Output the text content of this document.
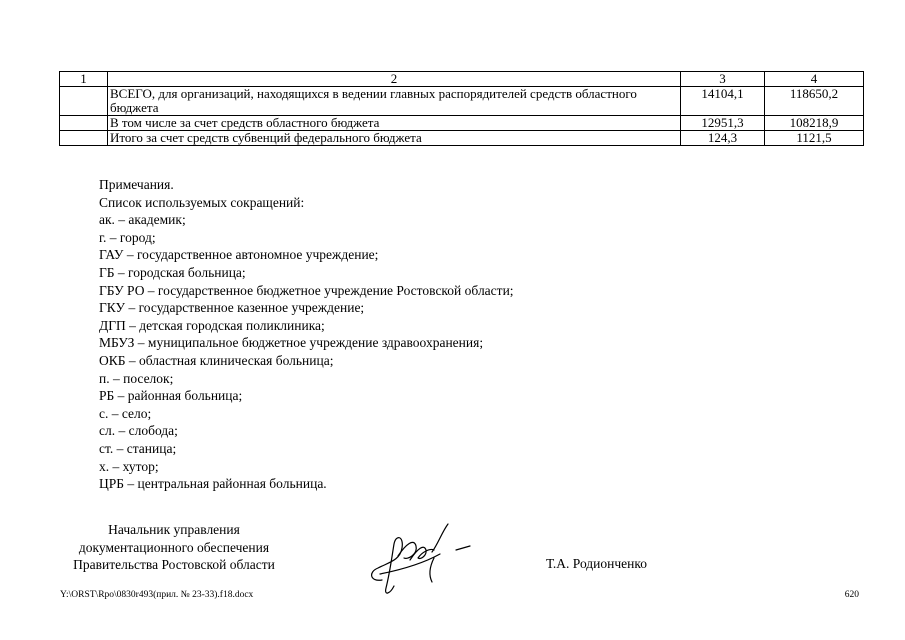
1	2	3	4
	ВСЕГО, для организаций, находящихся в ведении главных распорядителей средств областного бюджета	14104,1	118650,2
	В том числе за счет средств областного бюджета	12951,3	108218,9
	Итого за счет средств субвенций федерального бюджета	124,3	1121,5
Примечания.
Список используемых сокращений:
ак. – академик;
г. – город;
ГАУ – государственное автономное учреждение;
ГБ – городская больница;
ГБУ РО – государственное бюджетное учреждение Ростовской области;
ГКУ – государственное казенное учреждение;
ДГП – детская городская поликлиника;
МБУЗ – муниципальное бюджетное учреждение здравоохранения;
ОКБ – областная клиническая больница;
п. – поселок;
РБ – районная больница;
с. – село;
сл. – слобода;
ст. – станица;
х. – хутор;
ЦРБ – центральная районная больница.
Начальник управления
документационного обеспечения
Правительства Ростовской области	Т.А. Родионченко
Y:\ORST\Rpo\0830r493(прил. № 23-33).f18.docx	620
